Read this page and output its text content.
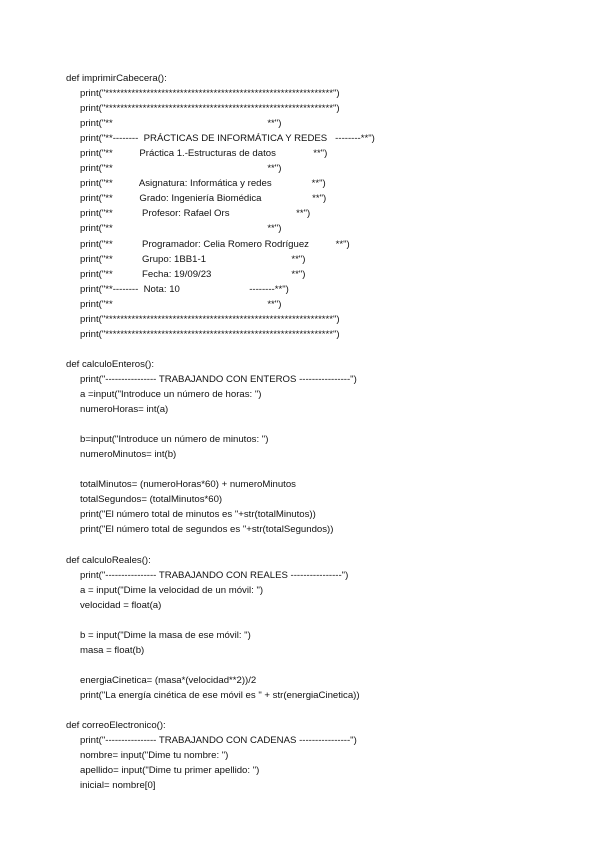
def imprimirCabecera():
print("*************************************************************")
print("*************************************************************")
print("**                                                          **")
print("**--------  PRÁCTICAS DE INFORMÁTICA Y REDES   --------**")
print("**          Práctica 1.-Estructuras de datos              **")
print("**                                                          **")
print("**          Asignatura: Informática y redes               **")
print("**          Grado: Ingeniería Biomédica                   **")
print("**           Profesor: Rafael Ors                         **")
print("**                                                          **")
print("**           Programador: Celia Romero Rodríguez          **")
print("**           Grupo: 1BB1-1                                **")
print("**           Fecha: 19/09/23                              **")
print("**--------  Nota: 10                          --------**")
print("**                                                          **")
print("*************************************************************")
print("*************************************************************")
def calculoEnteros():
print("---------------- TRABAJANDO CON ENTEROS ----------------")
a =input("Introduce un número de horas: ")
numeroHoras= int(a)
b=input("Introduce un número de minutos: ")
numeroMinutos= int(b)
totalMinutos= (numeroHoras*60) + numeroMinutos
totalSegundos= (totalMinutos*60)
print("El número total de minutos es "+str(totalMinutos))
print("El número total de segundos es "+str(totalSegundos))
def calculoReales():
print("---------------- TRABAJANDO CON REALES ----------------")
a = input("Dime la velocidad de un móvil: ")
velocidad = float(a)
b = input("Dime la masa de ese móvil: ")
masa = float(b)
energiaCinetica= (masa*(velocidad**2))/2
print("La energía cinética de ese móvil es " + str(energiaCinetica))
def correoElectronico():
print("---------------- TRABAJANDO CON CADENAS ----------------")
nombre= input("Dime tu nombre: ")
apellido= input("Dime tu primer apellido: ")
inicial= nombre[0]
